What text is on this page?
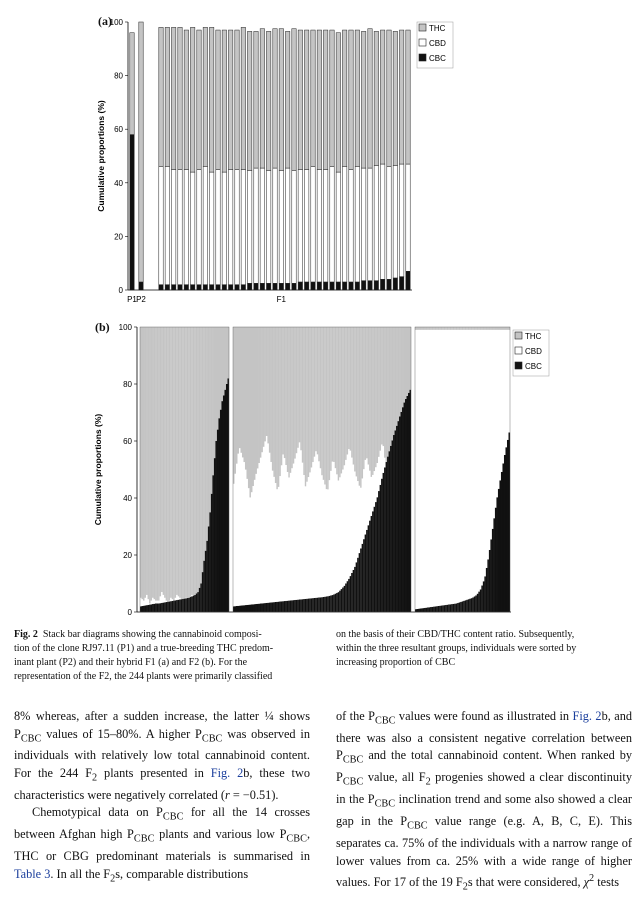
(a)
0
20
40
60
80
100
Cumulative proportions (%)
P1 P2	F1
THC
CBD
CBC
(b)
0
20
40
60
80
100
Cumulative proportions (%)
THC
CBD
CBC
Fig. 2 Stack bar diagrams showing the cannabinoid composi-
tion of the clone RJ97.11 (P1) and a true-breeding THC predom-
inant plant (P2) and their hybrid F1 (a) and F2 (b). For the
representation of the F2, the 244 plants were primarily classified
on the basis of their CBD/THC content ratio. Subsequently,
within the three resultant groups, individuals were sorted by
increasing proportion of CBC

8% whereas, after a sudden increase, the latter ¼ shows $P_{CBC}$ values of 15–80%. A higher $P_{CBC}$ was observed in individuals with relatively low total cannabinoid content. For the 244 $F_2$ plants presented in Fig. 2b, these two characteristics were negatively correlated (r = −0.51).

Chemotypical data on $P_{CBC}$ for all the 14 crosses between Afghan high $P_{CBC}$ plants and various low $P_{CBC}$, THC or CBG predominant materials is summarised in Table 3. In all the $F_2s$, comparable distributions

of the $P_{CBC}$ values were found as illustrated in Fig. 2b, and there was also a consistent negative correlation between $P_{CBC}$ and the total cannabinoid content. When ranked by $P_{CBC}$ value, all $F_2$ progenies showed a clear discontinuity in the $P_{CBC}$ inclination trend and some also showed a clear gap in the $P_{CBC}$ value range (e.g. A, B, C, E). This separates ca. 75% of the individuals with a narrow range of lower values from ca. 25% with a wide range of higher values. For 17 of the 19 $F_2s$ that were considered, $\chi^2$ tests
